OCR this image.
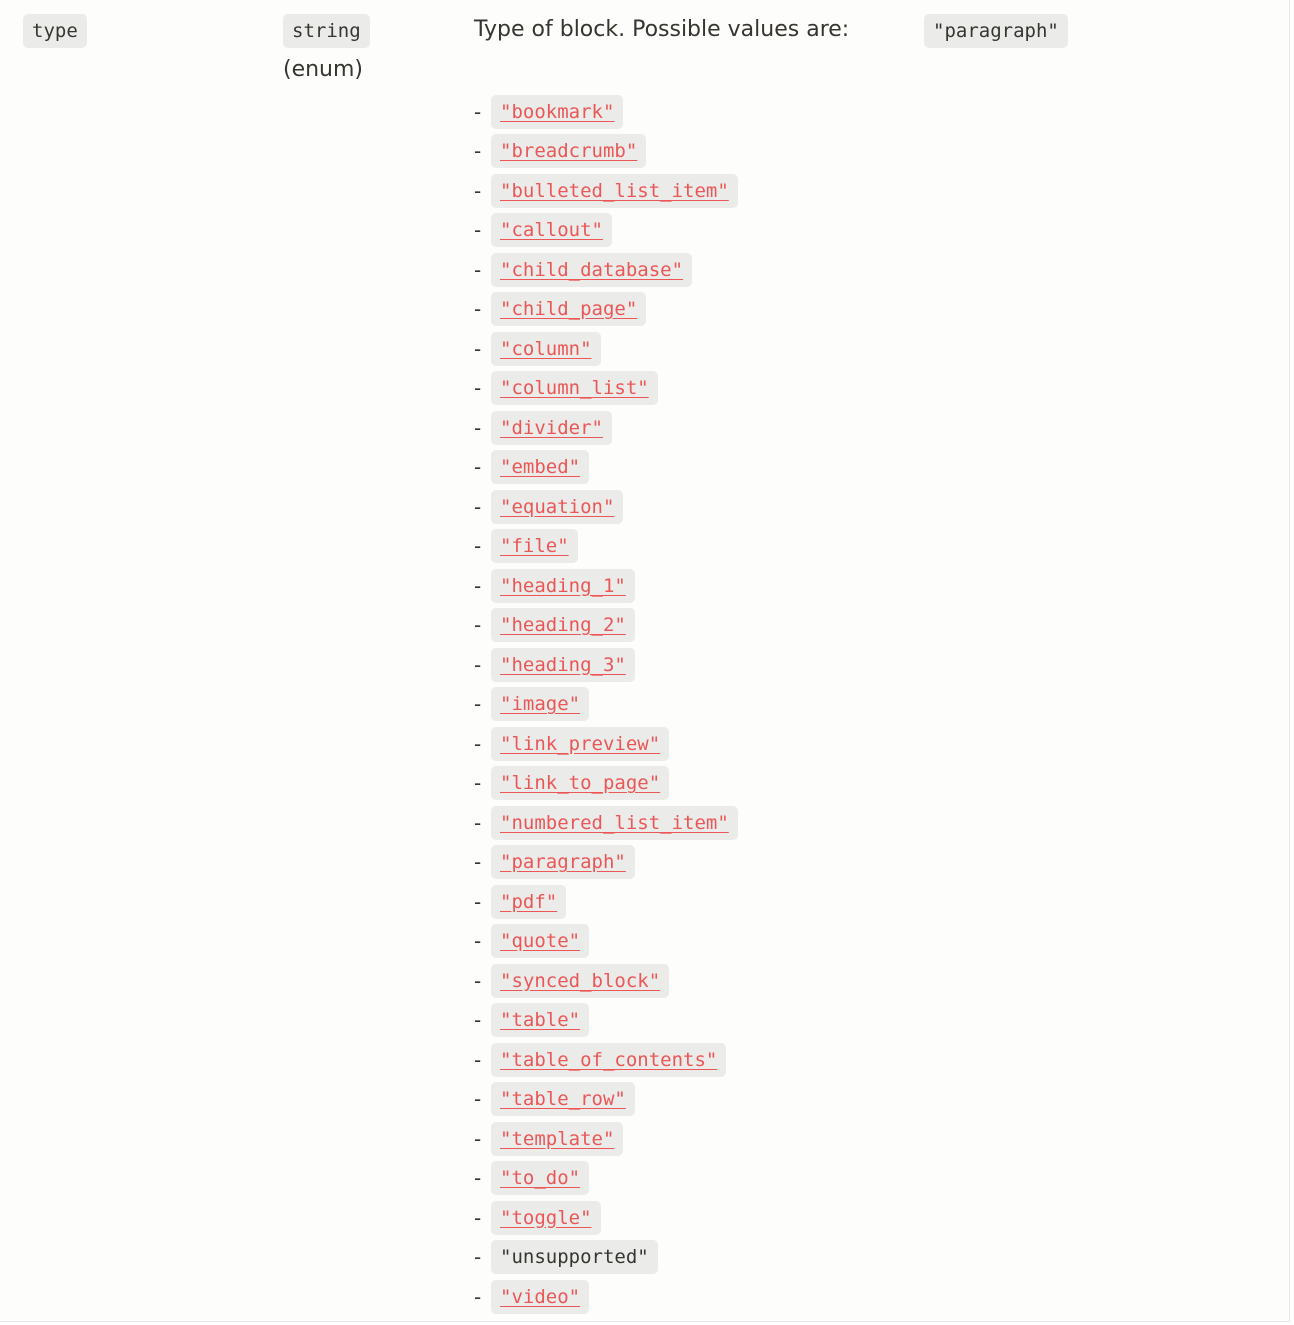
type	string
(enum)
Type of block. Possible values are:	"paragraph"
- "bookmark"
- "breadcrumb"
- "bulleted_list_item"
- "callout"
- "child_database"
- "child_page"
- "column"
- "column_list"
- "divider"
- "embed"
- "equation"
- "file"
- "heading_1"
- "heading_2"
- "heading_3"
- "image"
- "link_preview"
- "link_to_page"
- "numbered_list_item"
- "paragraph"
- "pdf"
- "quote"
- "synced_block"
- "table"
- "table_of_contents"
- "table_row"
- "template"
- "to_do"
- "toggle"
- "unsupported"
- "video"
